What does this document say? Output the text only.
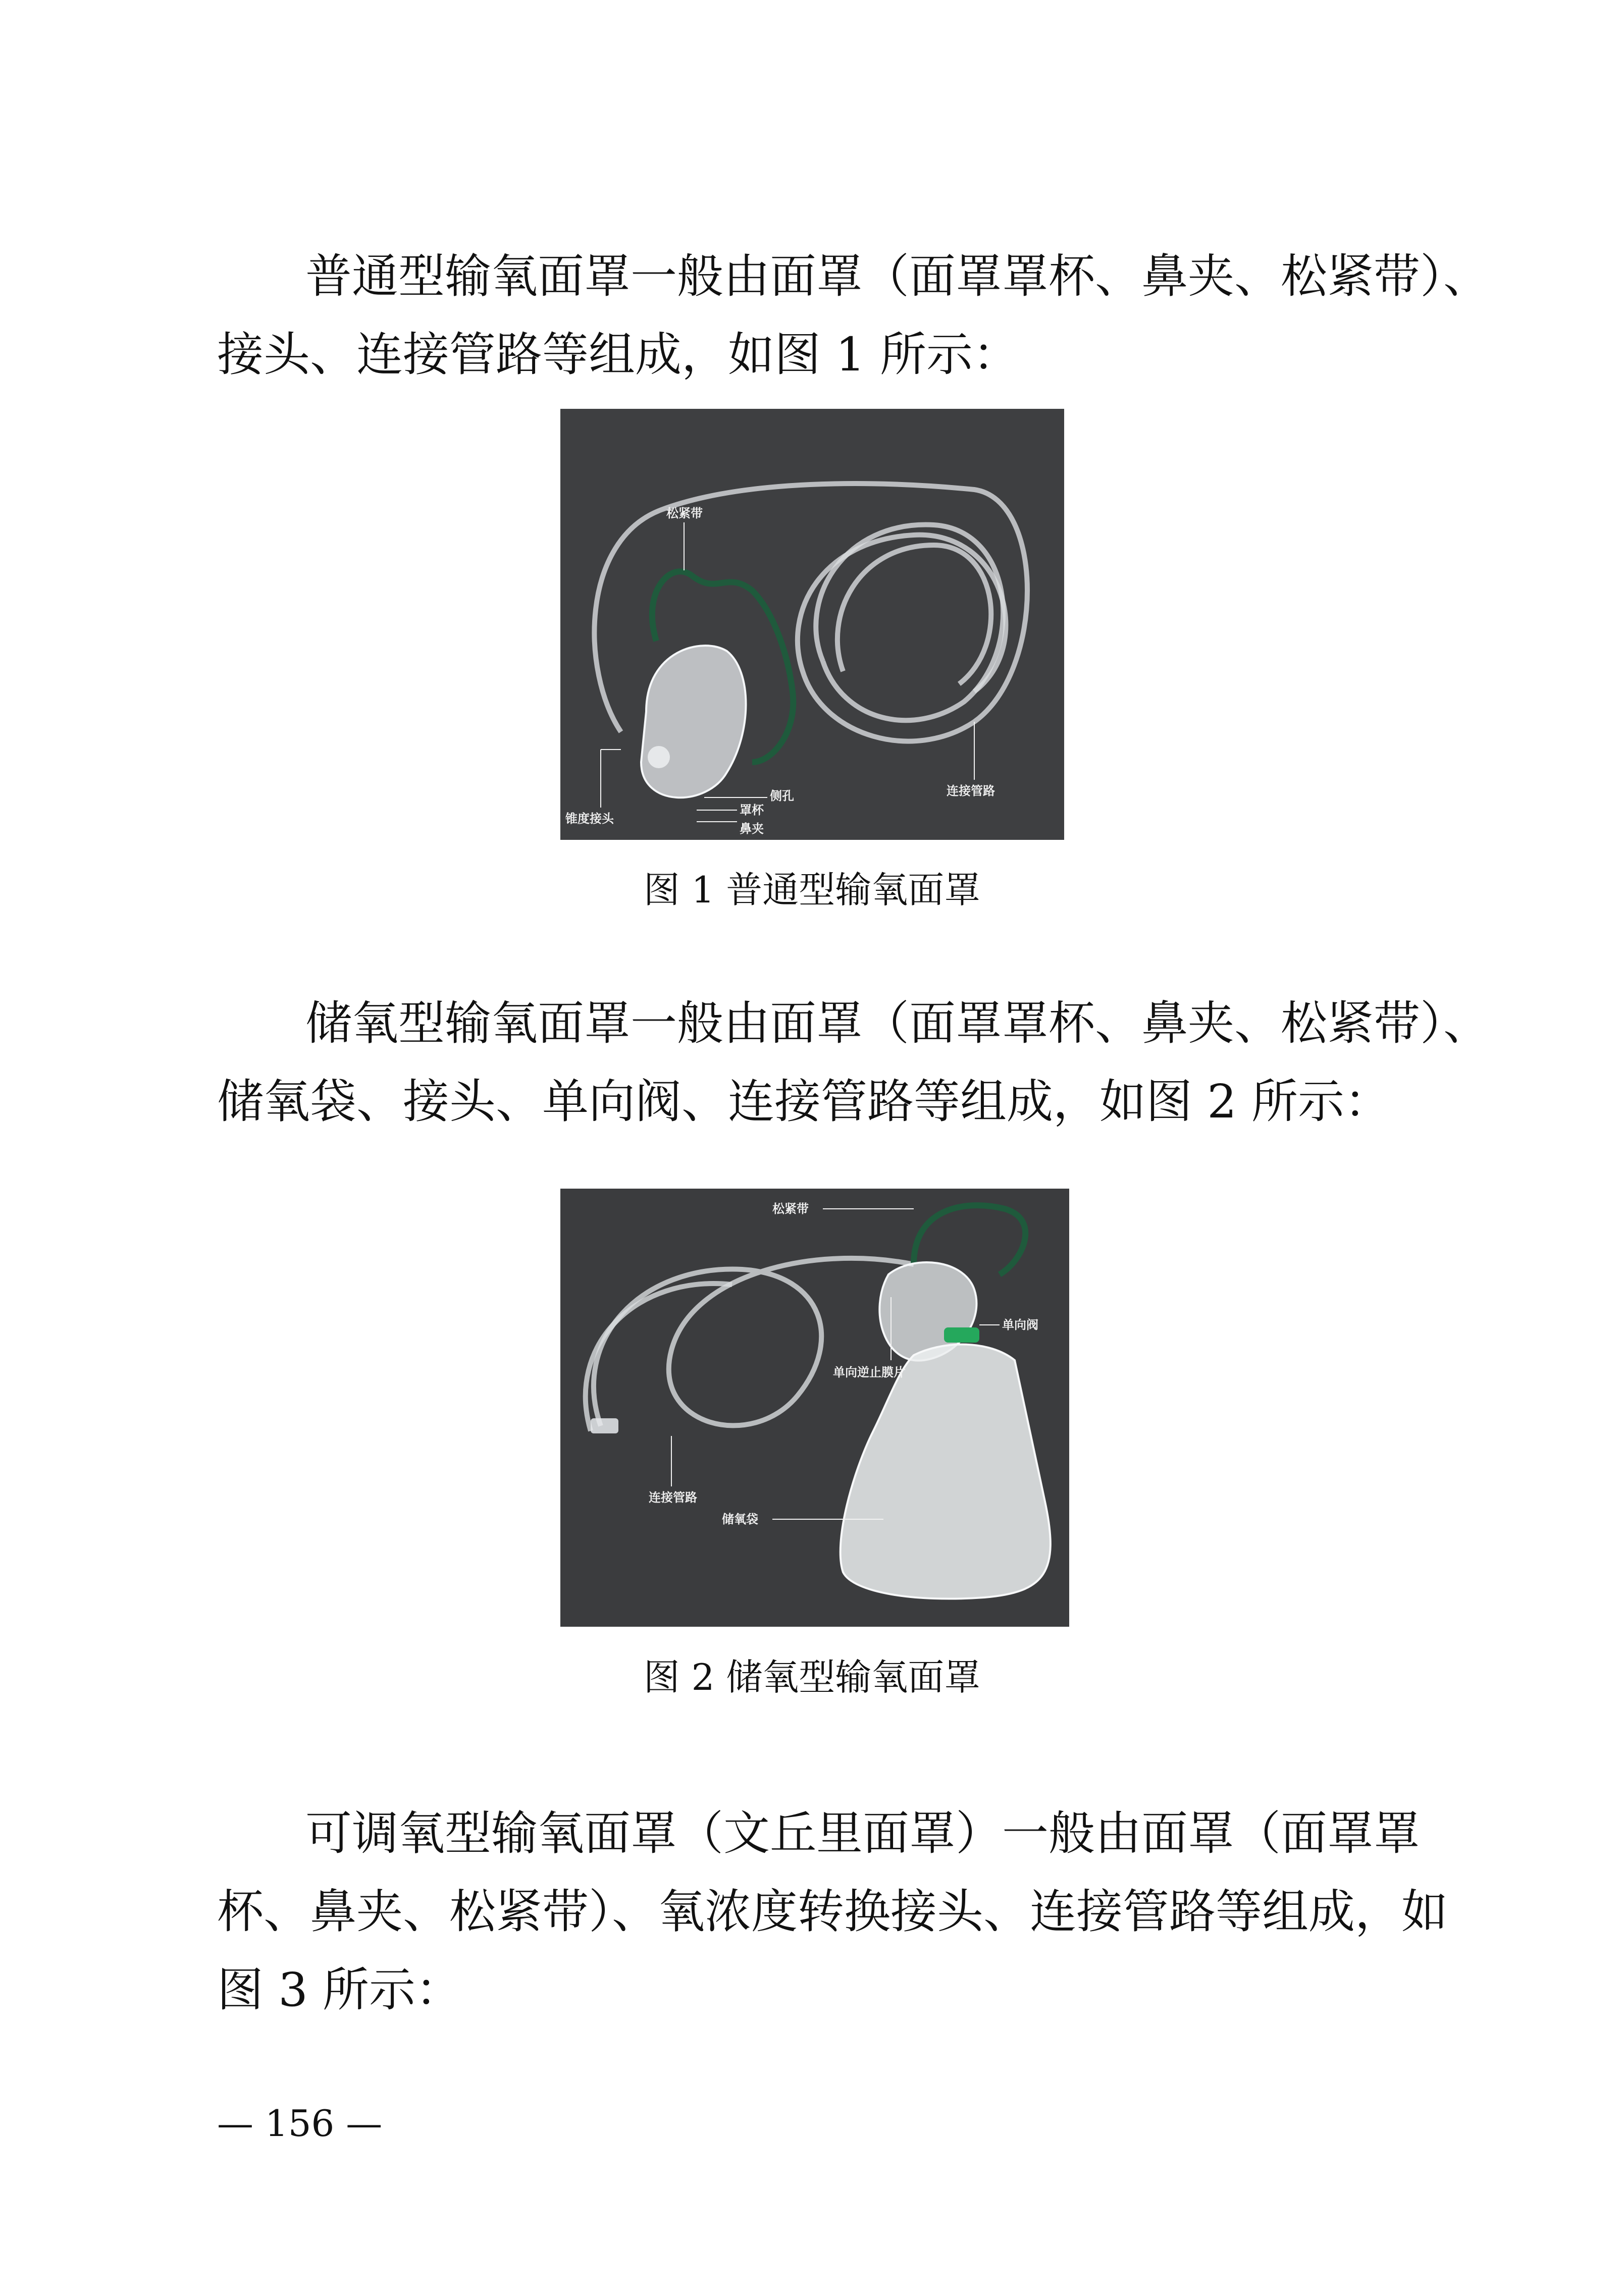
普通型输氧面罩一般由面罩（面罩罩杯、鼻夹、松紧带）、
接头、连接管路等组成，如图 1 所示：
松紧带
锥度接头
侧孔
罩杯
鼻夹
连接管路
图 1 普通型输氧面罩
储氧型输氧面罩一般由面罩（面罩罩杯、鼻夹、松紧带）、
储氧袋、接头、单向阀、连接管路等组成，如图 2 所示：
松紧带
单向阀
单向逆止膜片
连接管路
储氧袋
图 2 储氧型输氧面罩
可调氧型输氧面罩（文丘里面罩）一般由面罩（面罩罩
杯、鼻夹、松紧带）、氧浓度转换接头、连接管路等组成，如
图 3 所示：
— 156 —
